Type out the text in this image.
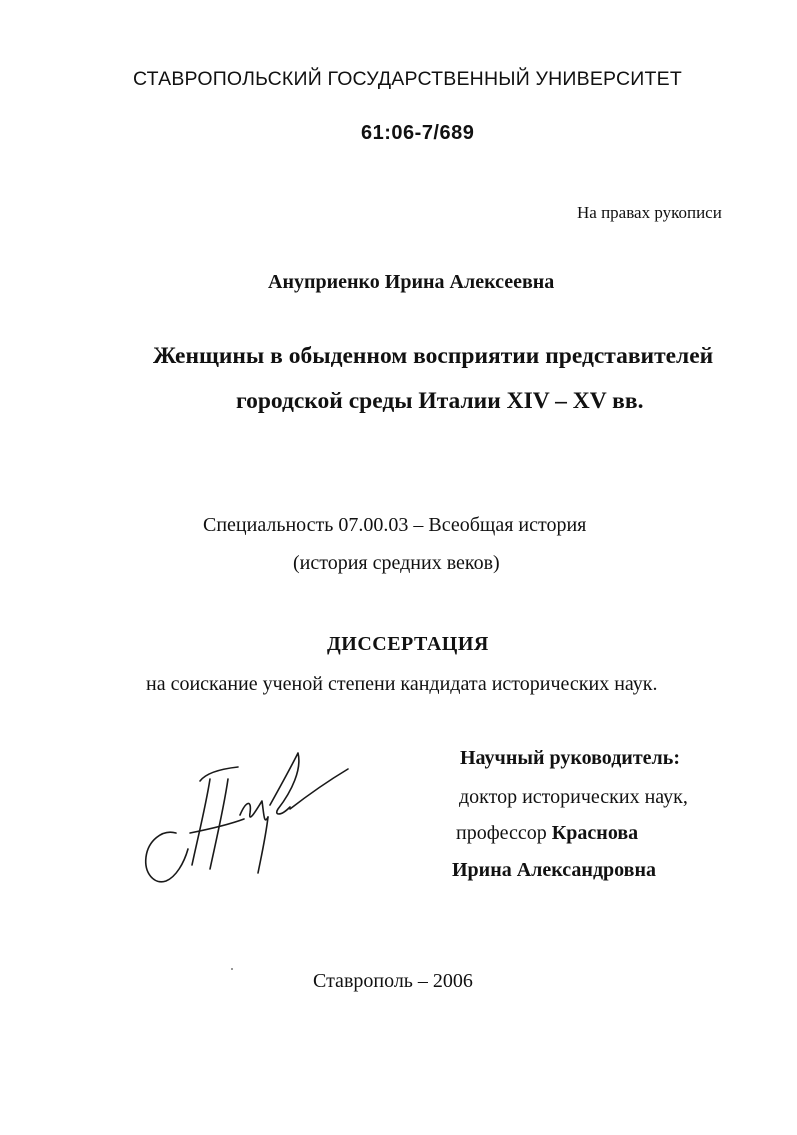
СТАВРОПОЛЬСКИЙ ГОСУДАРСТВЕННЫЙ УНИВЕРСИТЕТ
61:06-7/689
На правах рукописи
Ануприенко Ирина Алексеевна
Женщины в обыденном восприятии представителей
городской среды Италии XIV – XV вв.
Специальность 07.00.03 – Всеобщая история
(история средних веков)
ДИССЕРТАЦИЯ
на соискание ученой степени кандидата исторических наук.
Научный руководитель:
доктор исторических наук,
профессор Краснова
Ирина Александровна
Ставрополь – 2006
